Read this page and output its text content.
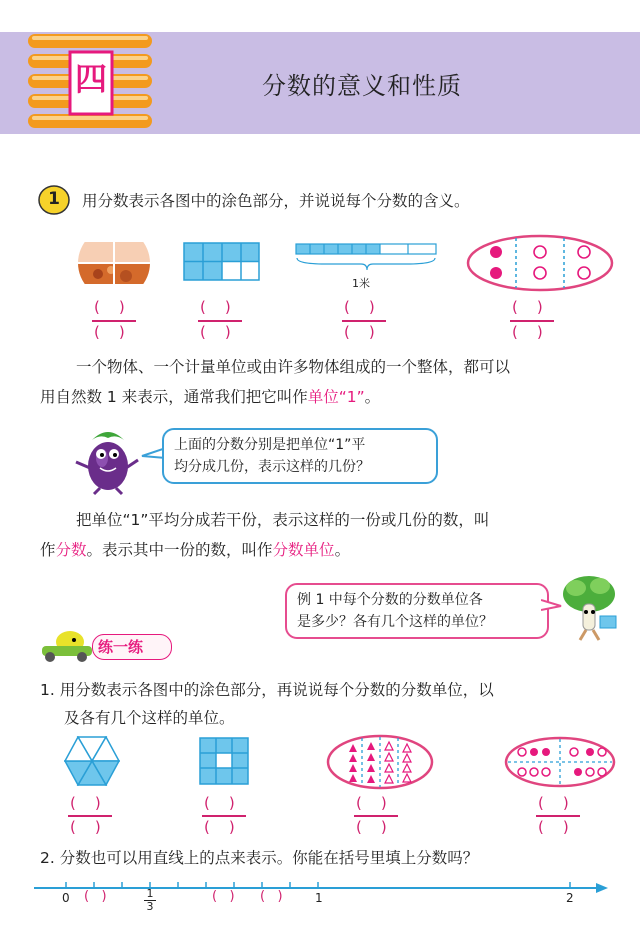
四	分数的意义和性质
1	用分数表示各图中的涂色部分，并说说每个分数的含义。
1米
(    )
(    )
(    )
(    )
(    )
(    )
(    )
(    )
一个物体、一个计量单位或由许多物体组成的一个整体，都可以
用自然数 1 来表示，通常我们把它叫作单位“1”。
上面的分数分别是把单位“1”平
均分成几份，表示这样的几份？
把单位“1”平均分成若干份，表示这样的一份或几份的数，叫
作分数。表示其中一份的数，叫作分数单位。
例 1 中每个分数的分数单位各
是多少？各有几个这样的单位？
练一练
1. 用分数表示各图中的涂色部分，再说说每个分数的分数单位，以
及各有几个这样的单位。
(    )
(    )
(    )
(    )
(    )
(    )
(    )
(    )
2. 分数也可以用直线上的点来表示。你能在括号里填上分数吗？
0 (   )	$\frac{1}{3}$	(   ) (   )	1	2
